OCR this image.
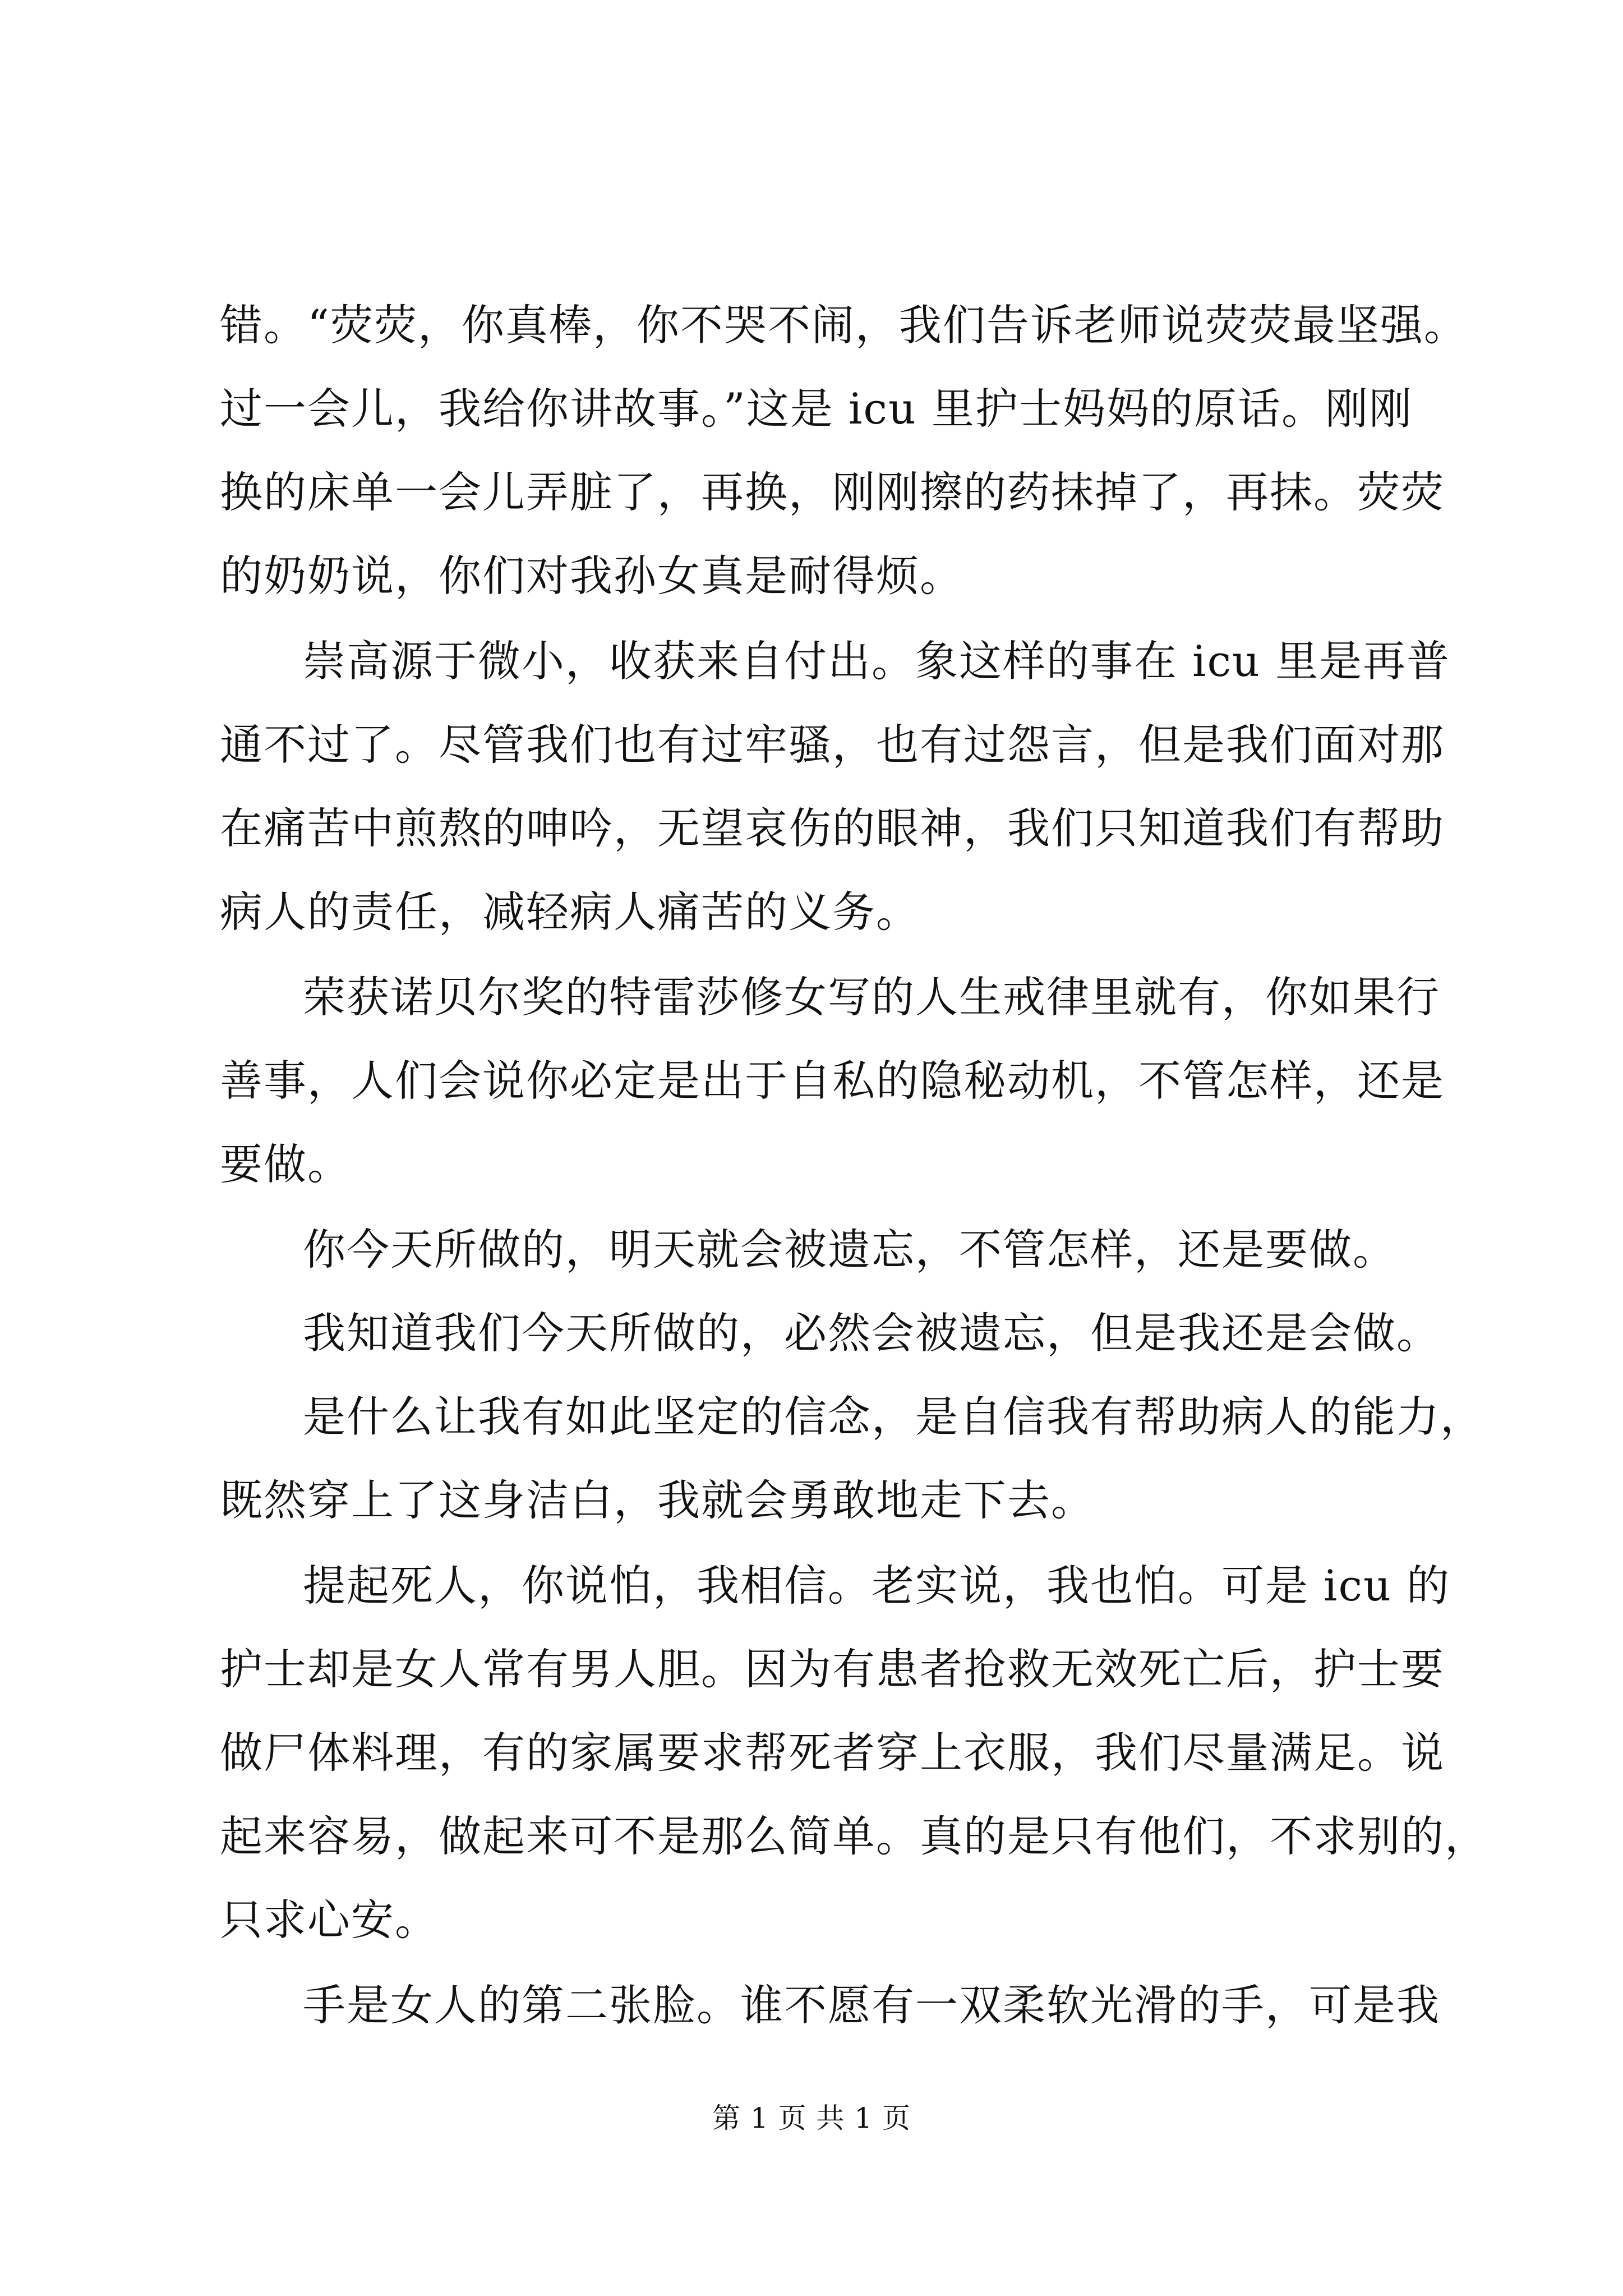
错。“荧荧，你真棒，你不哭不闹，我们告诉老师说荧荧最坚强。
过一会儿，我给你讲故事。”这是 icu 里护士妈妈的原话。刚刚
换的床单一会儿弄脏了，再换，刚刚擦的药抹掉了，再抹。荧荧
的奶奶说，你们对我孙女真是耐得烦。
崇高源于微小，收获来自付出。象这样的事在 icu 里是再普
通不过了。尽管我们也有过牢骚，也有过怨言，但是我们面对那
在痛苦中煎熬的呻吟，无望哀伤的眼神，我们只知道我们有帮助
病人的责任，减轻病人痛苦的义务。
荣获诺贝尔奖的特雷莎修女写的人生戒律里就有，你如果行
善事，人们会说你必定是出于自私的隐秘动机，不管怎样，还是
要做。
你今天所做的，明天就会被遗忘，不管怎样，还是要做。
我知道我们今天所做的，必然会被遗忘，但是我还是会做。
是什么让我有如此坚定的信念，是自信我有帮助病人的能力，
既然穿上了这身洁白，我就会勇敢地走下去。
提起死人，你说怕，我相信。老实说，我也怕。可是 icu 的
护士却是女人常有男人胆。因为有患者抢救无效死亡后，护士要
做尸体料理，有的家属要求帮死者穿上衣服，我们尽量满足。说
起来容易，做起来可不是那么简单。真的是只有他们，不求别的，
只求心安。
手是女人的第二张脸。谁不愿有一双柔软光滑的手，可是我
第 1 页 共 1 页
